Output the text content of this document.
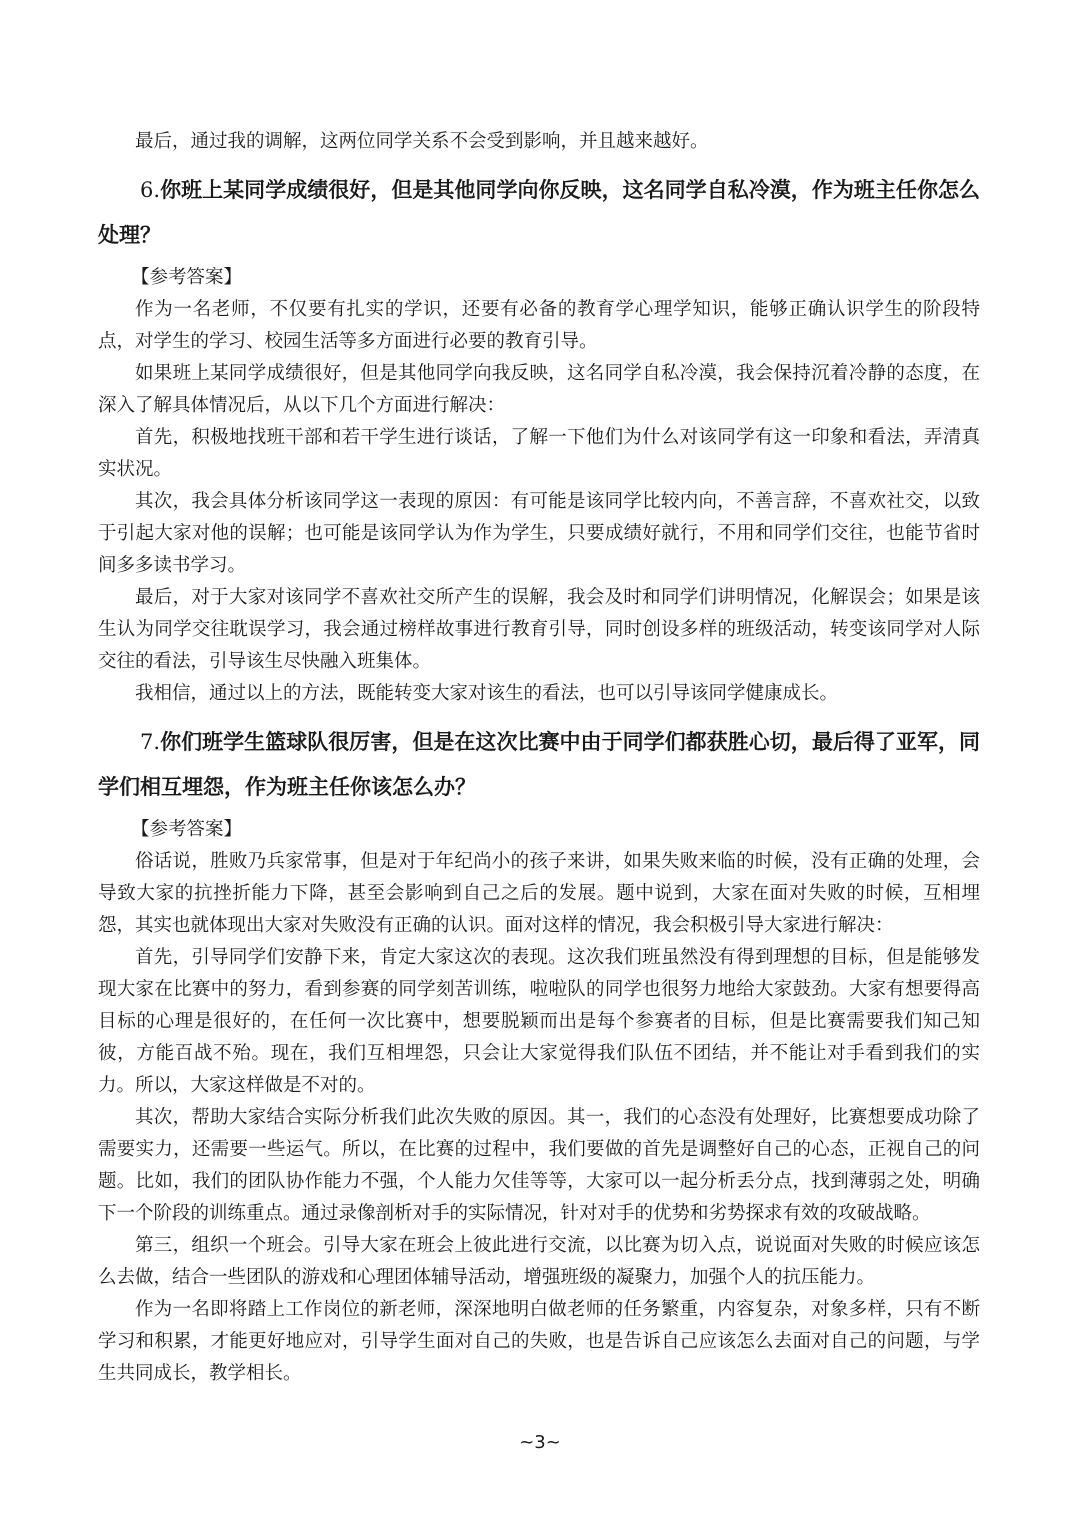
最后，通过我的调解，这两位同学关系不会受到影响，并且越来越好。

6.你班上某同学成绩很好，但是其他同学向你反映，这名同学自私冷漠，作为班主任你怎么处理？

【参考答案】

作为一名老师，不仅要有扎实的学识，还要有必备的教育学心理学知识，能够正确认识学生的阶段特点，对学生的学习、校园生活等多方面进行必要的教育引导。

如果班上某同学成绩很好，但是其他同学向我反映，这名同学自私冷漠，我会保持沉着冷静的态度，在深入了解具体情况后，从以下几个方面进行解决：

首先，积极地找班干部和若干学生进行谈话，了解一下他们为什么对该同学有这一印象和看法，弄清真实状况。

其次，我会具体分析该同学这一表现的原因：有可能是该同学比较内向，不善言辞，不喜欢社交，以致于引起大家对他的误解；也可能是该同学认为作为学生，只要成绩好就行，不用和同学们交往，也能节省时间多多读书学习。

最后，对于大家对该同学不喜欢社交所产生的误解，我会及时和同学们讲明情况，化解误会；如果是该生认为同学交往耽误学习，我会通过榜样故事进行教育引导，同时创设多样的班级活动，转变该同学对人际交往的看法，引导该生尽快融入班集体。

我相信，通过以上的方法，既能转变大家对该生的看法，也可以引导该同学健康成长。

7.你们班学生篮球队很厉害，但是在这次比赛中由于同学们都获胜心切，最后得了亚军，同学们相互埋怨，作为班主任你该怎么办？

【参考答案】

俗话说，胜败乃兵家常事，但是对于年纪尚小的孩子来讲，如果失败来临的时候，没有正确的处理，会导致大家的抗挫折能力下降，甚至会影响到自己之后的发展。题中说到，大家在面对失败的时候，互相埋怨，其实也就体现出大家对失败没有正确的认识。面对这样的情况，我会积极引导大家进行解决：

首先，引导同学们安静下来，肯定大家这次的表现。这次我们班虽然没有得到理想的目标，但是能够发现大家在比赛中的努力，看到参赛的同学刻苦训练，啦啦队的同学也很努力地给大家鼓劲。大家有想要得高目标的心理是很好的，在任何一次比赛中，想要脱颖而出是每个参赛者的目标，但是比赛需要我们知己知彼，方能百战不殆。现在，我们互相埋怨，只会让大家觉得我们队伍不团结，并不能让对手看到我们的实力。所以，大家这样做是不对的。

其次，帮助大家结合实际分析我们此次失败的原因。其一，我们的心态没有处理好，比赛想要成功除了需要实力，还需要一些运气。所以，在比赛的过程中，我们要做的首先是调整好自己的心态，正视自己的问题。比如，我们的团队协作能力不强，个人能力欠佳等等，大家可以一起分析丢分点，找到薄弱之处，明确下一个阶段的训练重点。通过录像剖析对手的实际情况，针对对手的优势和劣势探求有效的攻破战略。

第三，组织一个班会。引导大家在班会上彼此进行交流，以比赛为切入点，说说面对失败的时候应该怎么去做，结合一些团队的游戏和心理团体辅导活动，增强班级的凝聚力，加强个人的抗压能力。

作为一名即将踏上工作岗位的新老师，深深地明白做老师的任务繁重，内容复杂，对象多样，只有不断学习和积累，才能更好地应对，引导学生面对自己的失败，也是告诉自己应该怎么去面对自己的问题，与学生共同成长，教学相长。

~3~
